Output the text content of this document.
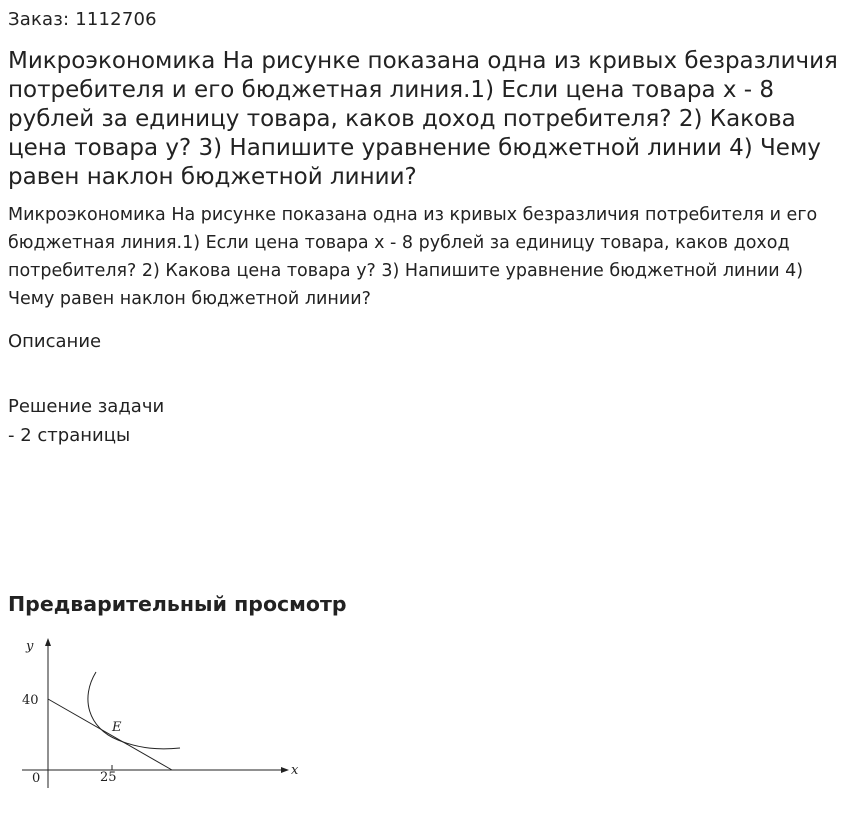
Заказ: 1112706
Микроэкономика На рисунке показана одна из кривых безразличия потребителя и его бюджетная линия.1) Если цена товара х - 8 рублей за единицу товара, каков доход потребителя? 2) Какова цена товара у? 3) Напишите уравнение бюджетной линии 4) Чему равен наклон бюджетной линии?

Микроэкономика На рисунке показана одна из кривых безразличия потребителя и его бюджетная линия.1) Если цена товара х - 8 рублей за единицу товара, каков доход потребителя? 2) Какова цена товара у? 3) Напишите уравнение бюджетной линии 4) Чему равен наклон бюджетной линии?

Описание
Решение задачи
- 2 страницы
Предварительный просмотр
y
x
40
0	25
E
